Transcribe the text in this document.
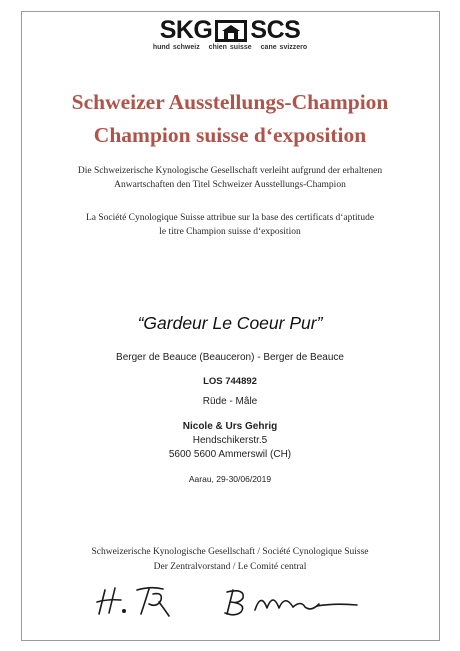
SKG SCS
hund schweiz chien suisse cane svizzero
Schweizer Ausstellungs-Champion
Champion suisse d‘exposition
Die Schweizerische Kynologische Gesellschaft verleiht aufgrund der erhaltenen
Anwartschaften den Titel Schweizer Ausstellungs-Champion
La Société Cynologique Suisse attribue sur la base des certificats d‘aptitude
le titre Champion suisse d‘exposition
“Gardeur Le Coeur Pur”
Berger de Beauce (Beauceron) - Berger de Beauce
LOS 744892
Rüde - Mâle
Nicole & Urs Gehrig
Hendschikerstr.5
5600 5600 Ammerswil (CH)
Aarau, 29-30/06/2019
Schweizerische Kynologische Gesellschaft / Société Cynologique Suisse
Der Zentralvorstand / Le Comité central
